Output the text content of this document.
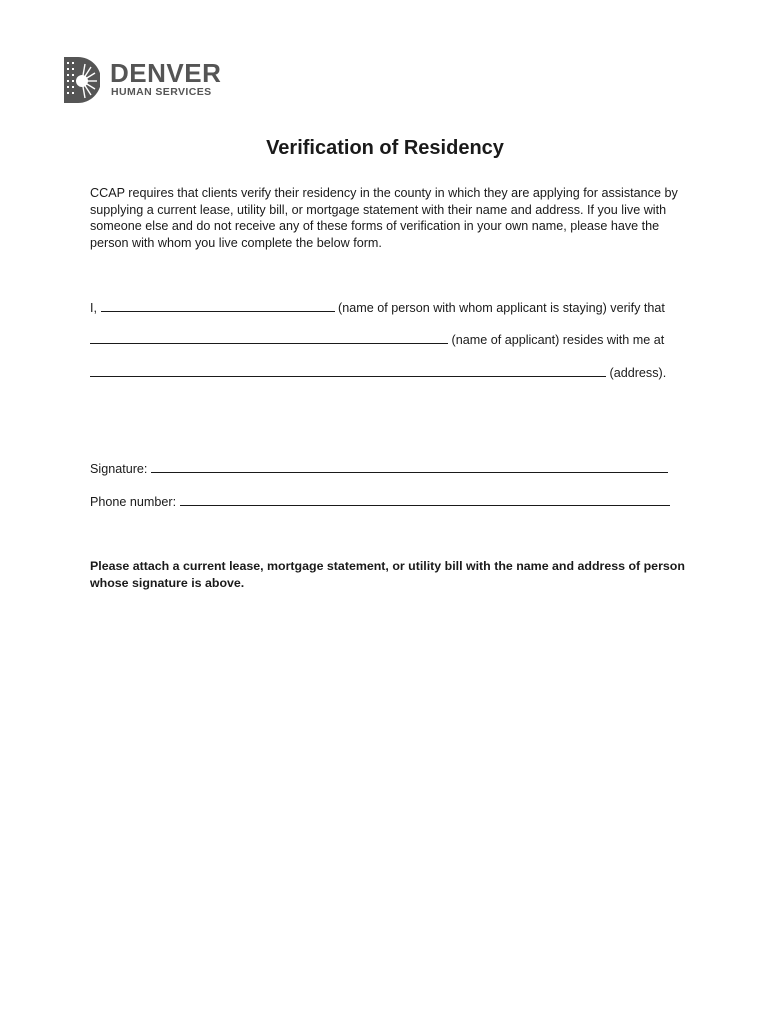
DENVER
HUMAN SERVICES
Verification of Residency
CCAP requires that clients verify their residency in the county in which they are applying for assistance by supplying a current lease, utility bill, or mortgage statement with their name and address. If you live with someone else and do not receive any of these forms of verification in your own name, please have the person with whom you live complete the below form.
I,	(name of person with whom applicant is staying) verify that
(name of applicant) resides with me at
(address).
Signature:
Phone number:
Please attach a current lease, mortgage statement, or utility bill with the name and address of person whose signature is above.
